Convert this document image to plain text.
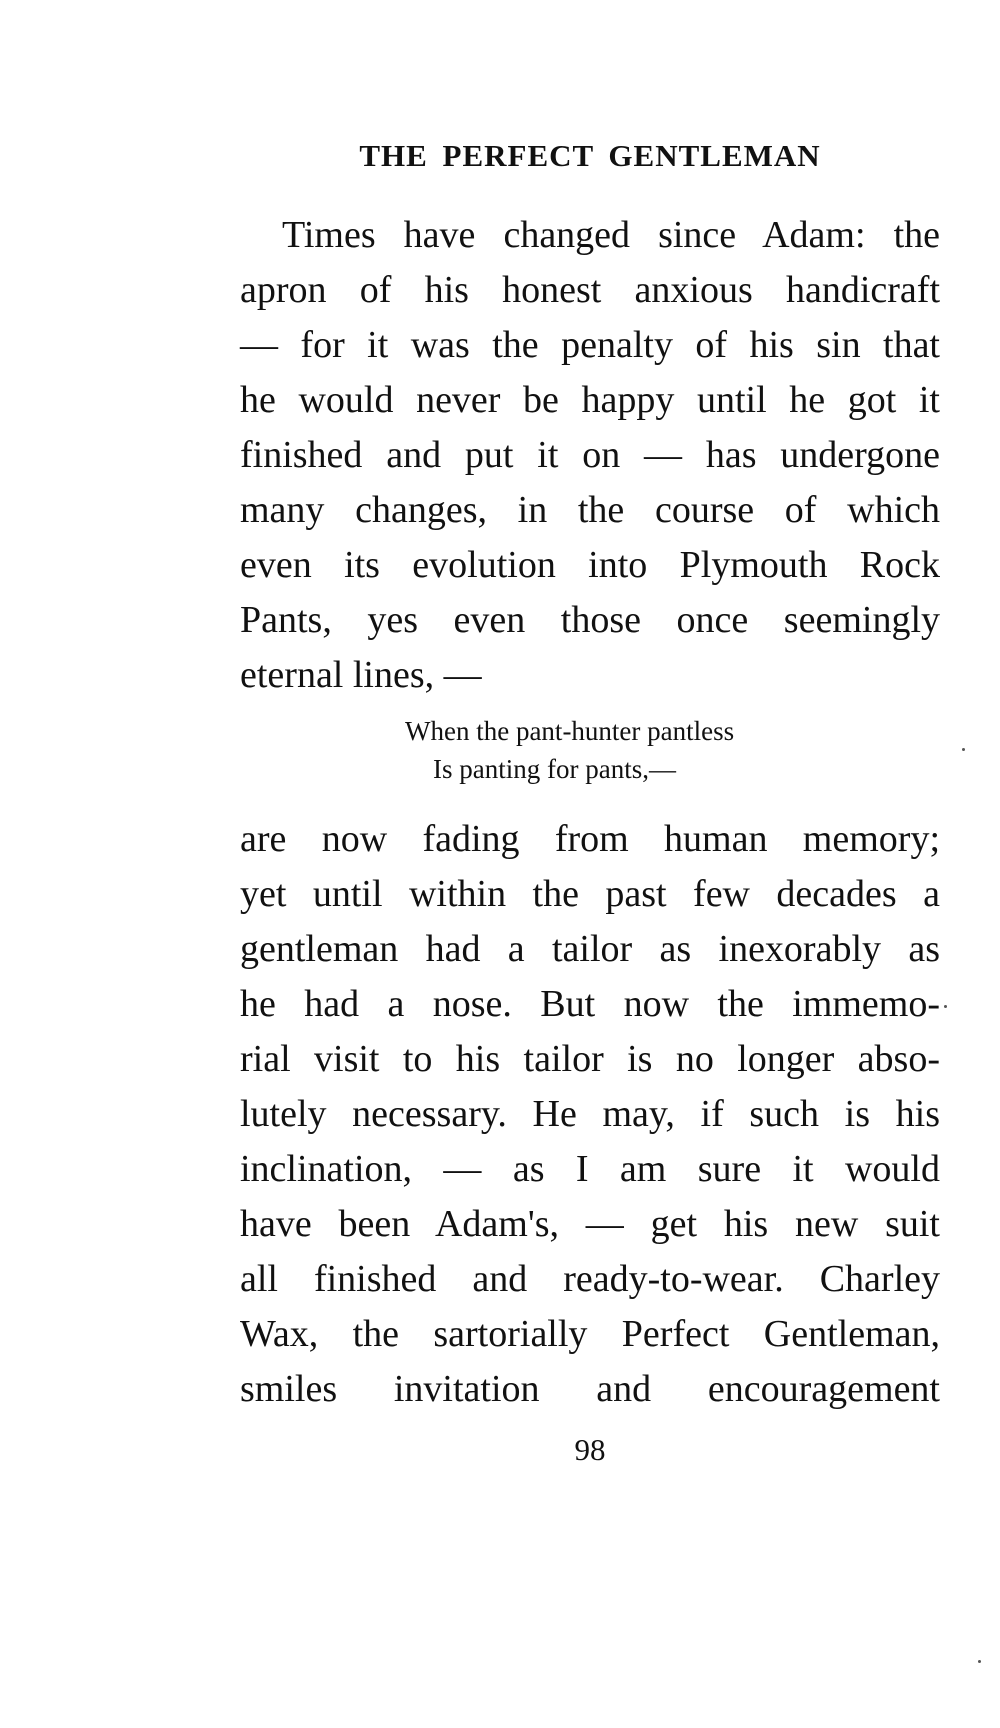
THE PERFECT GENTLEMAN
Times have changed since Adam: the
apron of his honest anxious handicraft
— for it was the penalty of his sin that
he would never be happy until he got it
finished and put it on — has undergone
many changes, in the course of which
even its evolution into Plymouth Rock
Pants, yes even those once seemingly
eternal lines, —
When the pant-hunter pantless
Is panting for pants,—
are now fading from human memory;
yet until within the past few decades a
gentleman had a tailor as inexorably as
he had a nose. But now the immemo-
rial visit to his tailor is no longer abso-
lutely necessary. He may, if such is his
inclination, — as I am sure it would
have been Adam's, — get his new suit
all finished and ready-to-wear. Charley
Wax, the sartorially Perfect Gentleman,
smiles invitation and encouragement
98
